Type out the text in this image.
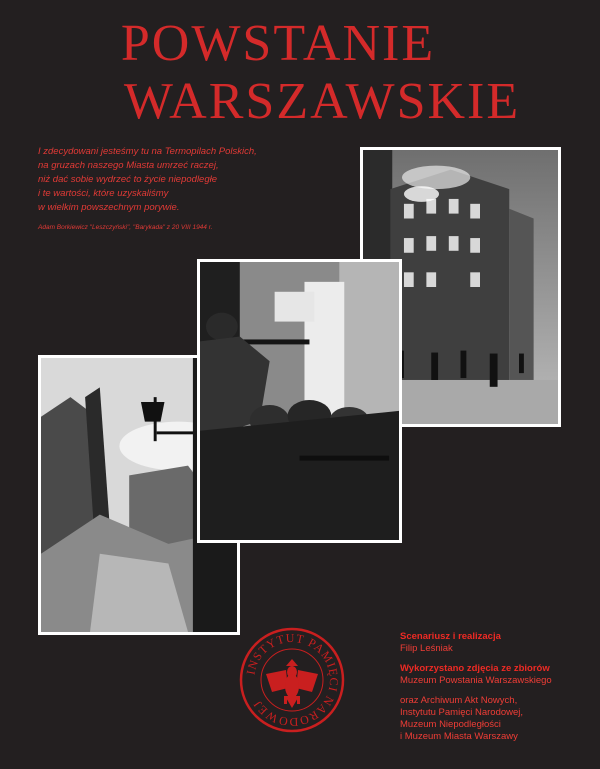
POWSTANIE
WARSZAWSKIE

I zdecydowani jesteśmy tu na Termopilach Polskich,

na gruzach naszego Miasta umrzeć raczej,

niż dać sobie wydrzeć to życie niepodległe

i te wartości, które uzyskaliśmy

w wielkim powszechnym porywie.

Adam Borkiewicz "Leszczyński", "Barykada" z 20 VIII 1944 r.
INSTYTUT PAMIĘCI NARODOWEJ
Scenariusz i realizacja
Filip Leśniak
Wykorzystano zdjęcia ze zbiorów
Muzeum Powstania Warszawskiego
oraz Archiwum Akt Nowych,
Instytutu Pamięci Narodowej,
Muzeum Niepodległości
i Muzeum Miasta Warszawy
